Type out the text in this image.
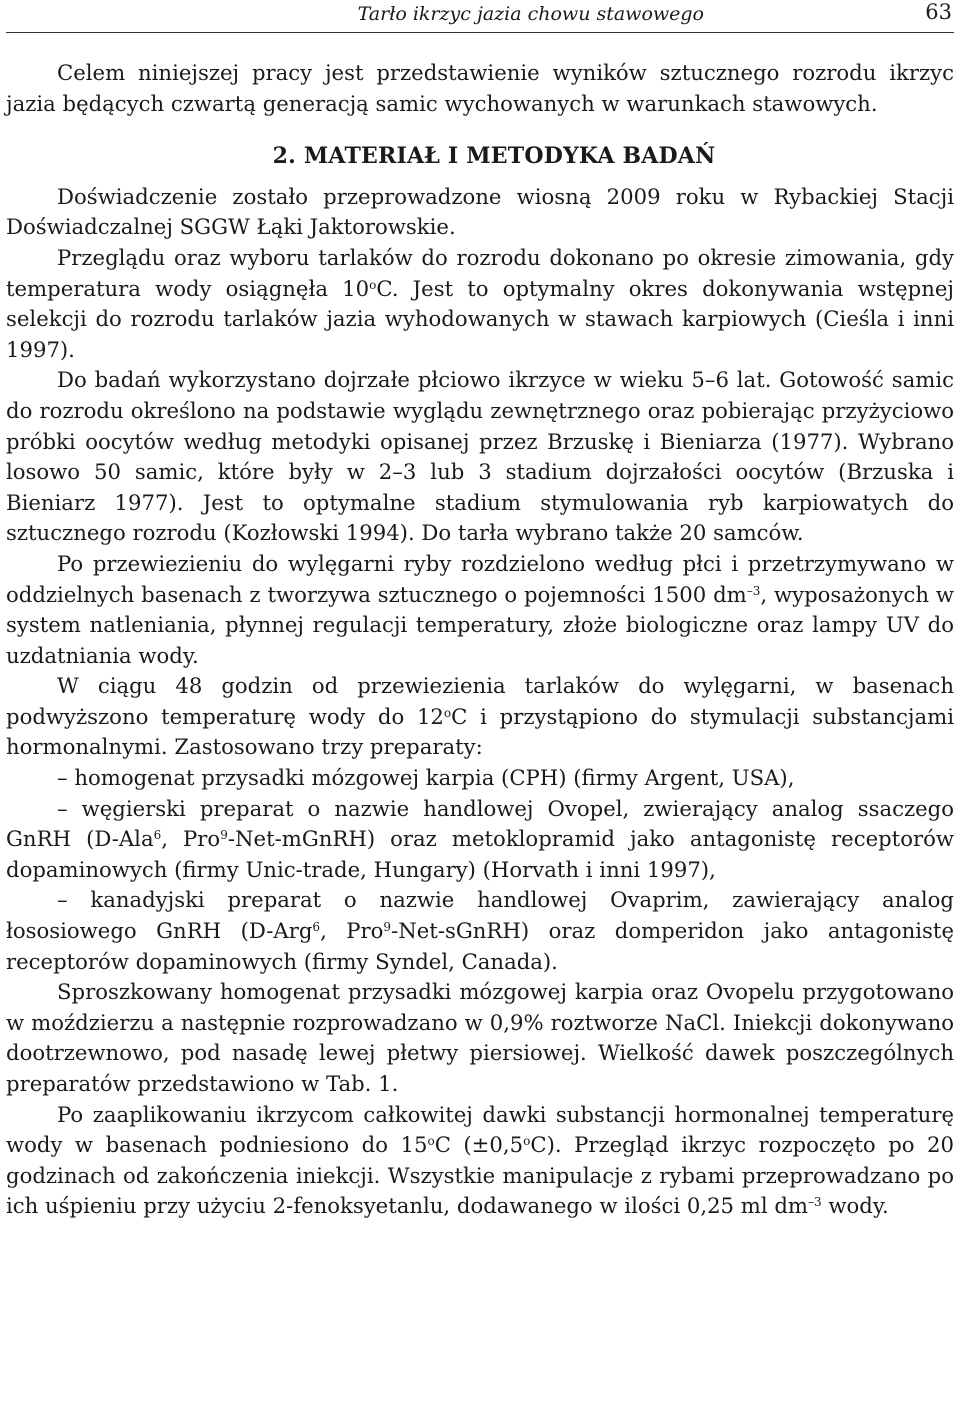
Tarło ikrzyc jazia chowu stawowego	63

Celem niniejszej pracy jest przedstawienie wyników sztucznego rozrodu ikrzyc jazia będących czwartą generacją samic wychowanych w warunkach stawowych.

2. MATERIAŁ I METODYKA BADAŃ

Doświadczenie zostało przeprowadzone wiosną 2009 roku w Rybackiej Stacji Doświadczalnej SGGW Łąki Jaktorowskie.

Przeglądu oraz wyboru tarlaków do rozrodu dokonano po okresie zimowania, gdy temperatura wody osiągnęła 10$^o$C. Jest to optymalny okres dokonywania wstępnej selekcji do rozrodu tarlaków jazia wyhodowanych w stawach karpiowych (Cieśla i inni 1997).

Do badań wykorzystano dojrzałe płciowo ikrzyce w wieku 5–6 lat. Gotowość samic do rozrodu określono na podstawie wyglądu zewnętrznego oraz pobierając przyżyciowo próbki oocytów według metodyki opisanej przez Brzuskę i Bieniarza (1977). Wybrano losowo 50 samic, które były w 2–3 lub 3 stadium dojrzałości oocytów (Brzuska i Bieniarz 1977). Jest to optymalne stadium stymulowania ryb karpiowatych do sztucznego rozrodu (Kozłowski 1994). Do tarła wybrano także 20 samców.

Po przewiezieniu do wylęgarni ryby rozdzielono według płci i przetrzymywano w oddzielnych basenach z tworzywa sztucznego o pojemności 1500 $dm^{-3}$, wyposażonych w system natleniania, płynnej regulacji temperatury, złoże biologiczne oraz lampy UV do uzdatniania wody.

W ciągu 48 godzin od przewiezienia tarlaków do wylęgarni, w basenach podwyższono temperaturę wody do 12$^o$C i przystąpiono do stymulacji substancjami hormonalnymi. Zastosowano trzy preparaty:

– homogenat przysadki mózgowej karpia (CPH) (firmy Argent, USA),

– węgierski preparat o nazwie handlowej Ovopel, zwierający analog ssaczego GnRH (D-Ala$^6$, Pro$^9$-Net-mGnRH) oraz metoklopramid jako antagonistę receptorów dopaminowych (firmy Unic-trade, Hungary) (Horvath i inni 1997),

– kanadyjski preparat o nazwie handlowej Ovaprim, zawierający analog łososiowego GnRH (D-Arg$^6$, Pro$^9$-Net-sGnRH) oraz domperidon jako antagonistę receptorów dopaminowych (firmy Syndel, Canada).

Sproszkowany homogenat przysadki mózgowej karpia oraz Ovopelu przygotowano w moździerzu a następnie rozprowadzano w 0,9% roztworze NaCl. Iniekcji dokonywano dootrzewnowo, pod nasadę lewej płetwy piersiowej. Wielkość dawek poszczególnych preparatów przedstawiono w Tab. 1.

Po zaaplikowaniu ikrzycom całkowitej dawki substancji hormonalnej temperaturę wody w basenach podniesiono do 15$^o$C $(\pm 0,5^oC)$. Przegląd ikrzyc rozpoczęto po 20 godzinach od zakończenia iniekcji. Wszystkie manipulacje z rybami przeprowadzano po ich uśpieniu przy użyciu 2-fenoksyetanlu, dodawanego w ilości 0,25 ml $dm^{-3}$ wody.
